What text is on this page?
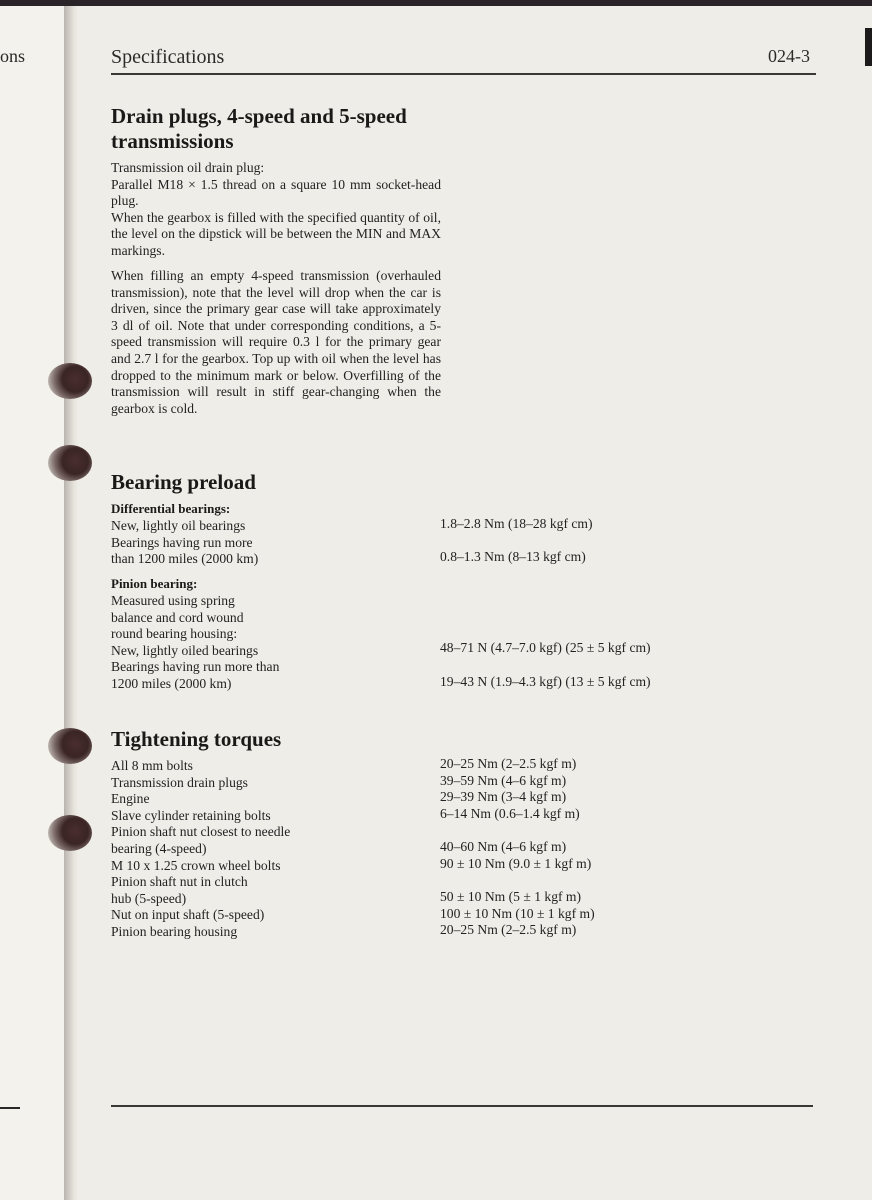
ons	Specifications	024-3
Drain plugs, 4-speed and 5-speed
transmissions

Transmission oil drain plug:

Parallel M18 × 1.5 thread on a square 10 mm socket-head plug.

When the gearbox is filled with the specified quantity of oil, the level on the dipstick will be between the MIN and MAX markings.

When filling an empty 4-speed transmission (overhauled transmission), note that the level will drop when the car is driven, since the primary gear case will take approximately 3 dl of oil. Note that under corresponding conditions, a 5-speed transmission will require 0.3 l for the primary gear and 2.7 l for the gearbox. Top up with oil when the level has dropped to the minimum mark or below. Overfilling of the transmission will result in stiff gear-changing when the gearbox is cold.

Bearing preload
Differential bearings:
New, lightly oil bearings
Bearings having run more
than 1200 miles (2000 km)
1.8–2.8 Nm (18–28 kgf cm)
0.8–1.3 Nm (8–13 kgf cm)
Pinion bearing:
Measured using spring
balance and cord wound
round bearing housing:
New, lightly oiled bearings
Bearings having run more than
1200 miles (2000 km)
48–71 N (4.7–7.0 kgf) (25 ± 5 kgf cm)
19–43 N (1.9–4.3 kgf) (13 ± 5 kgf cm)
Tightening torques
All 8 mm bolts
Transmission drain plugs
Engine
Slave cylinder retaining bolts
Pinion shaft nut closest to needle
bearing (4-speed)
M 10 x 1.25 crown wheel bolts
Pinion shaft nut in clutch
hub (5-speed)
Nut on input shaft (5-speed)
Pinion bearing housing
20–25 Nm (2–2.5 kgf m)
39–59 Nm (4–6 kgf m)
29–39 Nm (3–4 kgf m)
6–14 Nm (0.6–1.4 kgf m)
40–60 Nm (4–6 kgf m)
90 ± 10 Nm (9.0 ± 1 kgf m)
50 ± 10 Nm (5 ± 1 kgf m)
100 ± 10 Nm (10 ± 1 kgf m)
20–25 Nm (2–2.5 kgf m)
